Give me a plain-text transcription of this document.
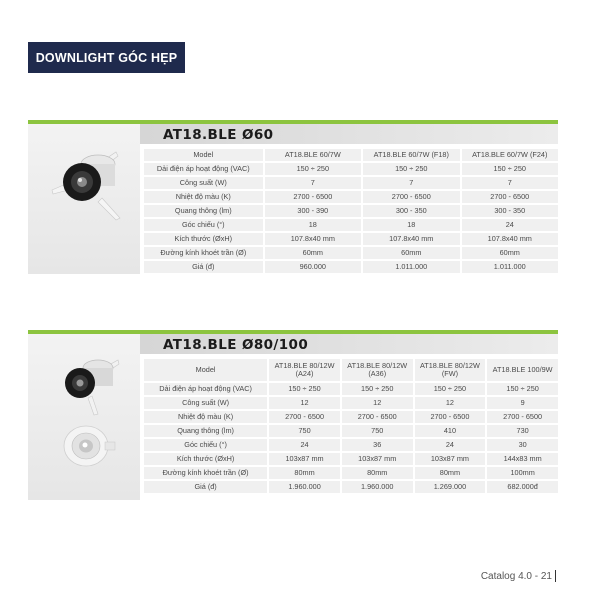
DOWNLIGHT GÓC HẸP
AT18.BLE Ø60
Model	AT18.BLE 60/7W	AT18.BLE 60/7W (F18)	AT18.BLE 60/7W (F24)
Dải điện áp hoạt động (VAC)	150 ÷ 250	150 ÷ 250	150 ÷ 250
Công suất (W)	7	7	7
Nhiệt độ màu (K)	2700 - 6500	2700 - 6500	2700 - 6500
Quang thông (lm)	300 - 390	300 - 350	300 - 350
Góc chiếu (°)	18	18	24
Kích thước (ØxH)	107.8x40 mm	107.8x40 mm	107.8x40 mm
Đường kính khoét trần (Ø)	60mm	60mm	60mm
Giá (đ)	960.000	1.011.000	1.011.000
AT18.BLE Ø80/100
Model	AT18.BLE 80/12W (A24)	AT18.BLE 80/12W (A36)	AT18.BLE 80/12W (FW)	AT18.BLE 100/9W
Dải điện áp hoạt động (VAC)	150 ÷ 250	150 ÷ 250	150 ÷ 250	150 ÷ 250
Công suất (W)	12	12	12	9
Nhiệt độ màu (K)	2700 - 6500	2700 - 6500	2700 - 6500	2700 - 6500
Quang thông (lm)	750	750	410	730
Góc chiếu (°)	24	36	24	30
Kích thước (ØxH)	103x87 mm	103x87 mm	103x87 mm	144x83 mm
Đường kính khoét trần (Ø)	80mm	80mm	80mm	100mm
Giá (đ)	1.960.000	1.960.000	1.269.000	682.000đ
Catalog 4.0 - 21
